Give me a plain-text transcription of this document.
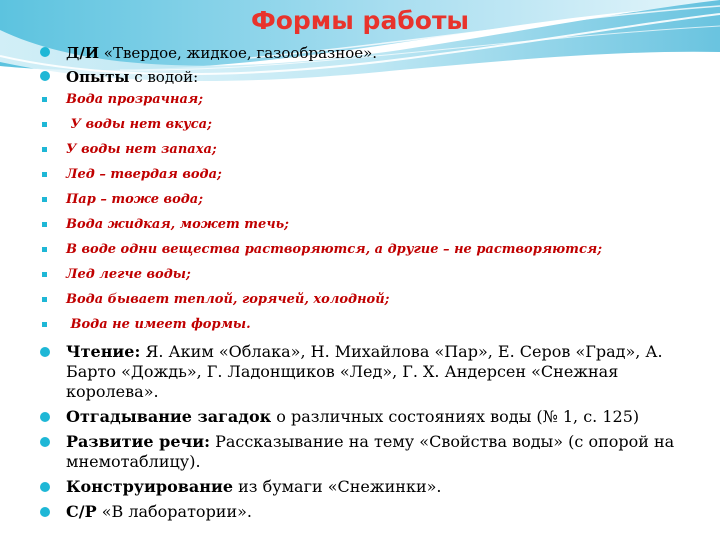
Формы работы
Д/И «Твердое, жидкое, газообразное».
Опыты с водой:
Вода прозрачная;
У воды нет вкуса;
У воды нет запаха;
Лед – твердая вода;
Пар – тоже вода;
Вода жидкая, может течь;
В воде одни вещества растворяются, а другие – не растворяются;
Лед легче воды;
Вода бывает теплой, горячей, холодной;
Вода не имеет формы.
Чтение: Я. Аким «Облака», Н. Михайлова «Пар», Е. Серов «Град», А. Барто «Дождь», Г. Ладонщиков «Лед», Г. Х. Андерсен «Снежная королева».
Отгадывание загадок о различных состояниях воды (№ 1, с. 125)
Развитие речи: Рассказывание на тему «Свойства воды» (с опорой на мнемотаблицу).
Конструирование из бумаги «Снежинки».
С/Р «В лаборатории».
